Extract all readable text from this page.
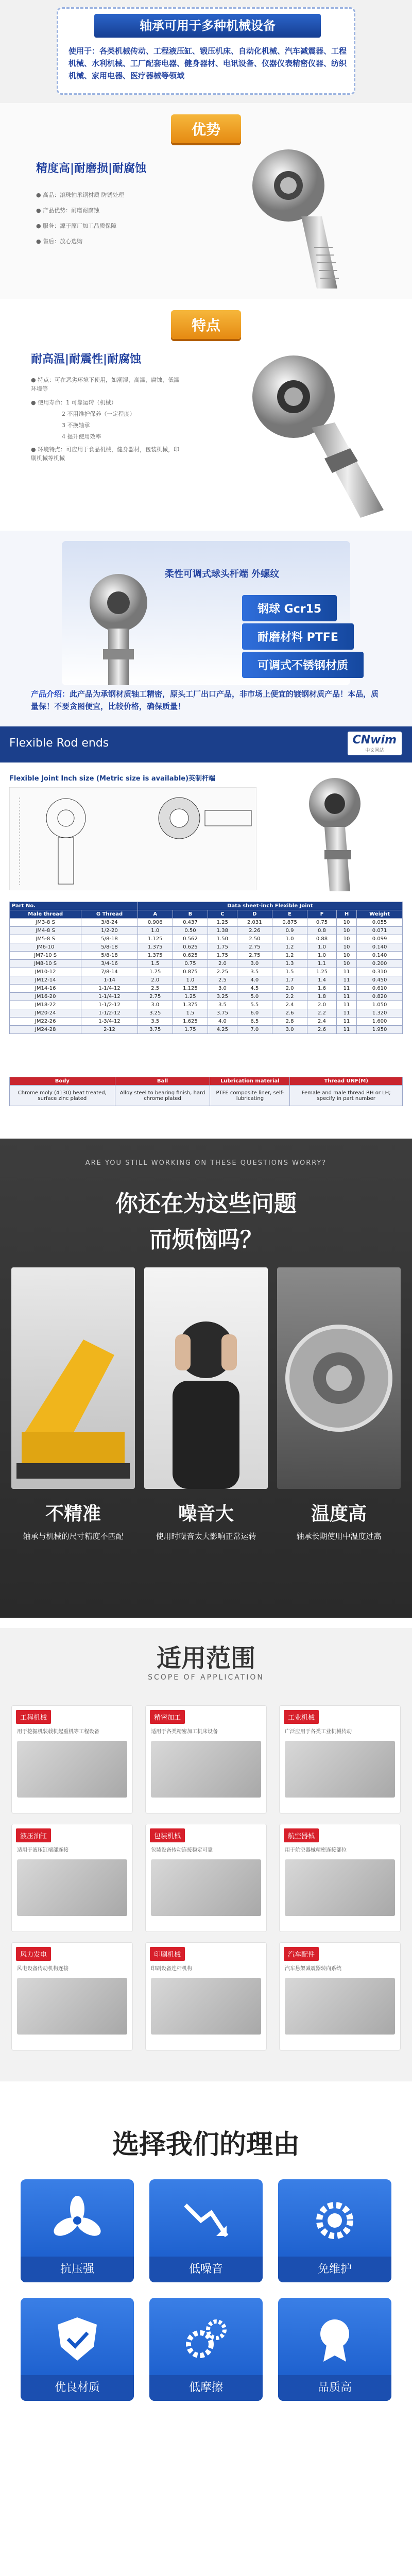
轴承可用于多种机械设备
使用于：各类机械传动、工程液压缸、锻压机床、自动化机械、汽车减震器、工程机械、水利机械、工厂配套电器、健身器材、电讯设备、仪器仪表精密仪器、纺织机械、家用电器、医疗器械等领域
优势
精度高|耐磨损|耐腐蚀
● 高品：滚珠轴承钢材质 防锈处理
● 产品优势：耐磨耐腐蚀
● 服务：源于原厂加工品质保障
● 售后：放心选购
特点
耐高温|耐震性|耐腐蚀
● 特点：可在恶劣环境下使用，如潮湿，高温，腐蚀，低温环境等
● 使用寿命：1 可靠运转（机械）
2 不用维护保养（一定程度）
3 不换轴承
4 提升使用效率
● 环境特点：可应用于食品机械，健身器材，包装机械，印刷机械等机械
柔性可调式球头杆端 外螺纹
钢球 Gcr15
耐磨材料 PTFE
可调式不锈钢材质
产品介绍：此产品为承钢材质轴工精密，原头工厂出口产品，非市场上便宜的镀钢材质产品！本品，质量保！不要贪图便宜，比较价格，确保质量！
Flexible Rod ends	CNwim
中文网站
Flexible Joint Inch size (Metric size is available)英制杆端
Part No.		Data sheet-inch Flexible Joint							
Male thread	G Thread	A	B	C	D	E	F	H	Weight
JM3-8 S	3/8-24	0.906	0.437	1.25	2.031	0.875	0.75	10	0.055
JM4-8 S	1/2-20	1.0	0.50	1.38	2.26	0.9	0.8	10	0.071
JM5-8 S	5/8-18	1.125	0.562	1.50	2.50	1.0	0.88	10	0.099
JM6-10	5/8-18	1.375	0.625	1.75	2.75	1.2	1.0	10	0.140
JM7-10 S	5/8-18	1.375	0.625	1.75	2.75	1.2	1.0	10	0.140
JM8-10 S	3/4-16	1.5	0.75	2.0	3.0	1.3	1.1	10	0.200
JM10-12	7/8-14	1.75	0.875	2.25	3.5	1.5	1.25	11	0.310
JM12-14	1-14	2.0	1.0	2.5	4.0	1.7	1.4	11	0.450
JM14-16	1-1/4-12	2.5	1.125	3.0	4.5	2.0	1.6	11	0.610
JM16-20	1-1/4-12	2.75	1.25	3.25	5.0	2.2	1.8	11	0.820
JM18-22	1-1/2-12	3.0	1.375	3.5	5.5	2.4	2.0	11	1.050
JM20-24	1-1/2-12	3.25	1.5	3.75	6.0	2.6	2.2	11	1.320
JM22-26	1-3/4-12	3.5	1.625	4.0	6.5	2.8	2.4	11	1.600
JM24-28	2-12	3.75	1.75	4.25	7.0	3.0	2.6	11	1.950
Body	Ball	Lubrication material	Thread UNF(M)
Chrome moly (4130) heat treated, surface zinc plated	Alloy steel to bearing finish, hard chrome plated	PTFE composite liner, self-lubricating	Female and male thread RH or LH; specify in part number
ARE YOU STILL WORKING ON THESE QUESTIONS WORRY?
你还在为这些问题
而烦恼吗？
不精准
轴承与机械的尺寸精度不匹配
噪音大
使用时噪音太大影响正常运转
温度高
轴承长期使用中温度过高
适用范围
SCOPE OF APPLICATION
工程机械

用于挖掘机装载机起重机等工程设备

精密加工

适用于各类精密加工机床设备

工业机械

广泛应用于各类工业机械传动

液压油缸

适用于液压缸端部连接

包装机械

包装设备传动连接稳定可靠

航空器械

用于航空器械精密连接部位

风力发电

风电设备传动机构连接

印刷机械

印刷设备连杆机构

汽车配件

汽车悬架减震器转向系统

选择我们的理由
抗压强	低噪音	免维护
优良材质	低摩擦	品质高
